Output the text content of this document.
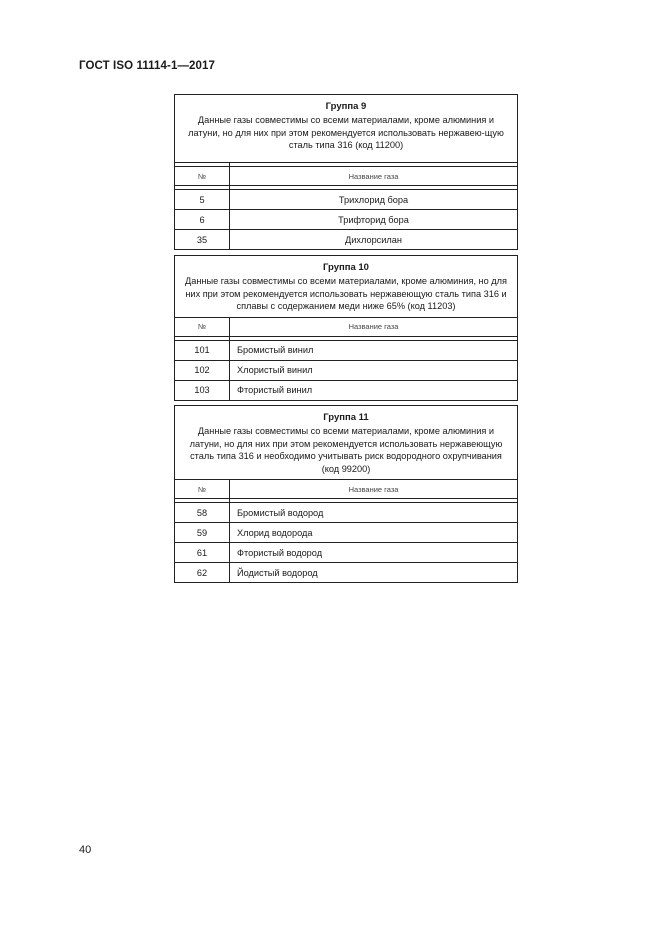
ГОСТ ISO 11114-1—2017
Группа 9
Данные газы совместимы со всеми материалами, кроме алюминия и латуни, но для них при этом рекомендуется использовать нержавею-щую сталь типа 316 (код 11200)

№	Название газа

5	Трихлорид бора
6	Трифторид бора
35	Дихлорсилан
Группа 10
Данные газы совместимы со всеми материалами, кроме алюминия, но для них при этом рекомендуется использовать нержавеющую сталь типа 316 и сплавы с содержанием меди ниже 65% (код 11203)
№	Название газа

101	Бромистый винил
102	Хлористый винил
103	Фтористый винил
Группа 11
Данные газы совместимы со всеми материалами, кроме алюминия и латуни, но для них при этом рекомендуется использовать нержавеющую сталь типа 316 и необходимо учитывать риск водородного охрупчивания (код 99200)
№	Название газа

58	Бромистый водород
59	Хлорид водорода
61	Фтористый водород
62	Йодистый водород
40
